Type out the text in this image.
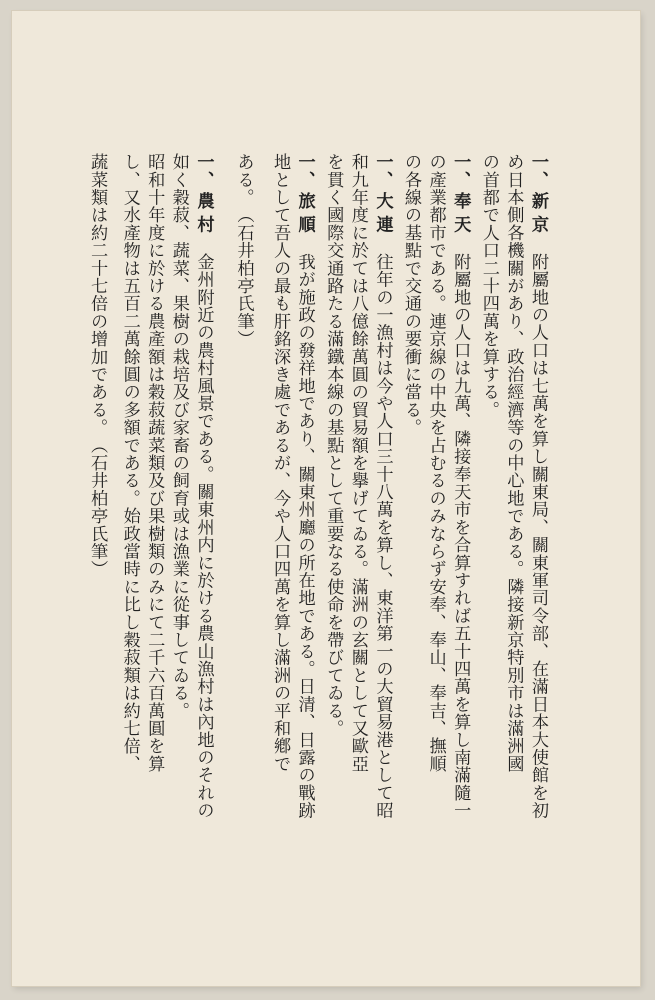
一、新京附屬地の人口は七萬を算し關東局、關東軍司令部、在滿日本大使館を初
め日本側各機關があり、政治經濟等の中心地である。隣接新京特別市は滿洲國
の首都で人口二十四萬を算する。
一、奉天附屬地の人口は九萬、隣接奉天市を合算すれば五十四萬を算し南滿隨一
の產業都市である。連京線の中央を占むるのみならず安奉、奉山、奉吉、撫順
の各線の基點で交通の要衝に當る。
一、大連往年の一漁村は今や人口三十八萬を算し、東洋第一の大貿易港として昭
和九年度に於ては八億餘萬圓の貿易額を擧げてゐる。滿洲の玄關として又歐亞
を貫く國際交通路たる滿鐵本線の基點として重要なる使命を帶びてゐる。
一、旅順我が施政の發祥地であり、關東州廳の所在地である。日清、日露の戰跡
地として吾人の最も肝銘深き處であるが、今や人口四萬を算し滿洲の平和鄕で
ある。（石井柏亭氏筆）
一、農村金州附近の農村風景である。關東州内に於ける農山漁村は內地のそれの
如く穀菽、蔬菜、果樹の栽培及び家畜の飼育或は漁業に從事してゐる。
昭和十年度に於ける農產額は穀菽蔬菜類及び果樹類のみにて二千六百萬圓を算
し、又水產物は五百二萬餘圓の多額である。始政當時に比し穀菽類は約七倍、
蔬菜類は約二十七倍の增加である。（石井柏亭氏筆）
